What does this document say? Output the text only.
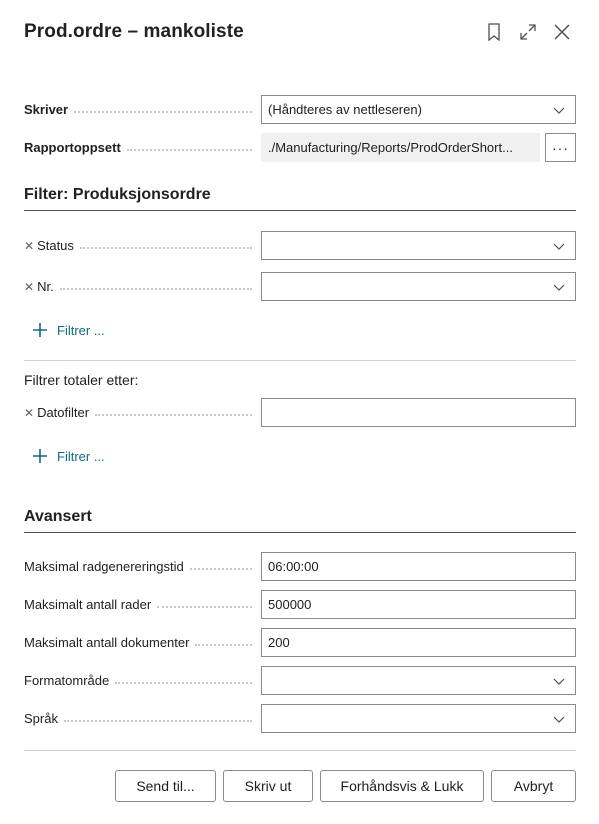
Prod.ordre – mankoliste
Skriver	(Håndteres av nettleseren)
Rapportoppsett	./Manufacturing/Reports/ProdOrderShort...	···
Filter: Produksjonsordre
✕ Status
✕ Nr.
Filtrer ...
Filtrer totaler etter:
✕ Datofilter
Filtrer ...
Avansert
Maksimal radgenereringstid	06:00:00
Maksimalt antall rader	500000
Maksimalt antall dokumenter	200
Formatområde
Språk
Send til...	Skriv ut	Forhåndsvis & Lukk	Avbryt
